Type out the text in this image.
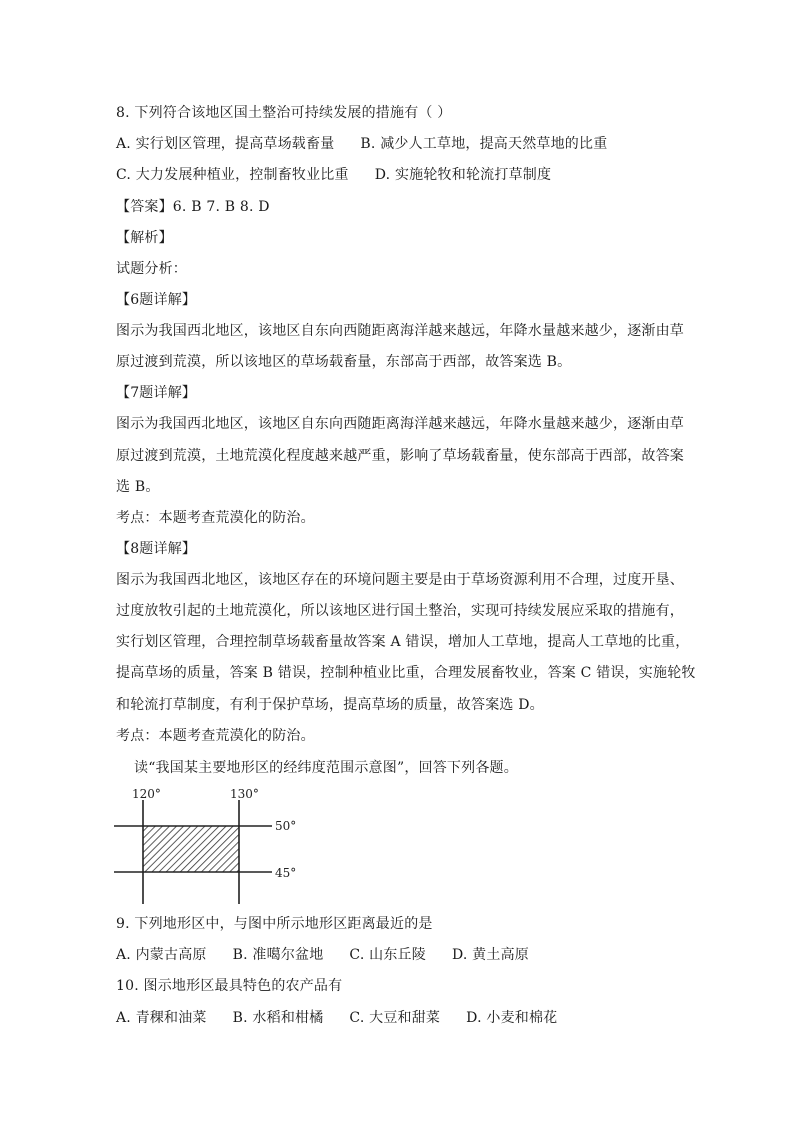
8. 下列符合该地区国土整治可持续发展的措施有（ ）
A. 实行划区管理，提高草场载畜量 B. 减少人工草地，提高天然草地的比重
C. 大力发展种植业，控制畜牧业比重 D. 实施轮牧和轮流打草制度
【答案】6. B 7. B 8. D
【解析】
试题分析：
【6题详解】
图示为我国西北地区，该地区自东向西随距离海洋越来越远，年降水量越来越少，逐渐由草
原过渡到荒漠，所以该地区的草场载畜量，东部高于西部，故答案选 B。
【7题详解】
图示为我国西北地区，该地区自东向西随距离海洋越来越远，年降水量越来越少，逐渐由草
原过渡到荒漠，土地荒漠化程度越来越严重，影响了草场载畜量，使东部高于西部，故答案
选 B。
考点：本题考查荒漠化的防治。
【8题详解】
图示为我国西北地区，该地区存在的环境问题主要是由于草场资源利用不合理，过度开垦、
过度放牧引起的土地荒漠化，所以该地区进行国土整治，实现可持续发展应采取的措施有，
实行划区管理，合理控制草场载畜量故答案 A 错误，增加人工草地，提高人工草地的比重，
提高草场的质量，答案 B 错误，控制种植业比重，合理发展畜牧业，答案 C 错误，实施轮牧
和轮流打草制度，有利于保护草场，提高草场的质量，故答案选 D。
考点：本题考查荒漠化的防治。
读“我国某主要地形区的经纬度范围示意图”，回答下列各题。
120°	130°
50°
45°
9. 下列地形区中，与图中所示地形区距离最近的是
A. 内蒙古高原 B. 准噶尔盆地 C. 山东丘陵 D. 黄土高原
10. 图示地形区最具特色的农产品有
A. 青稞和油菜 B. 水稻和柑橘 C. 大豆和甜菜 D. 小麦和棉花
